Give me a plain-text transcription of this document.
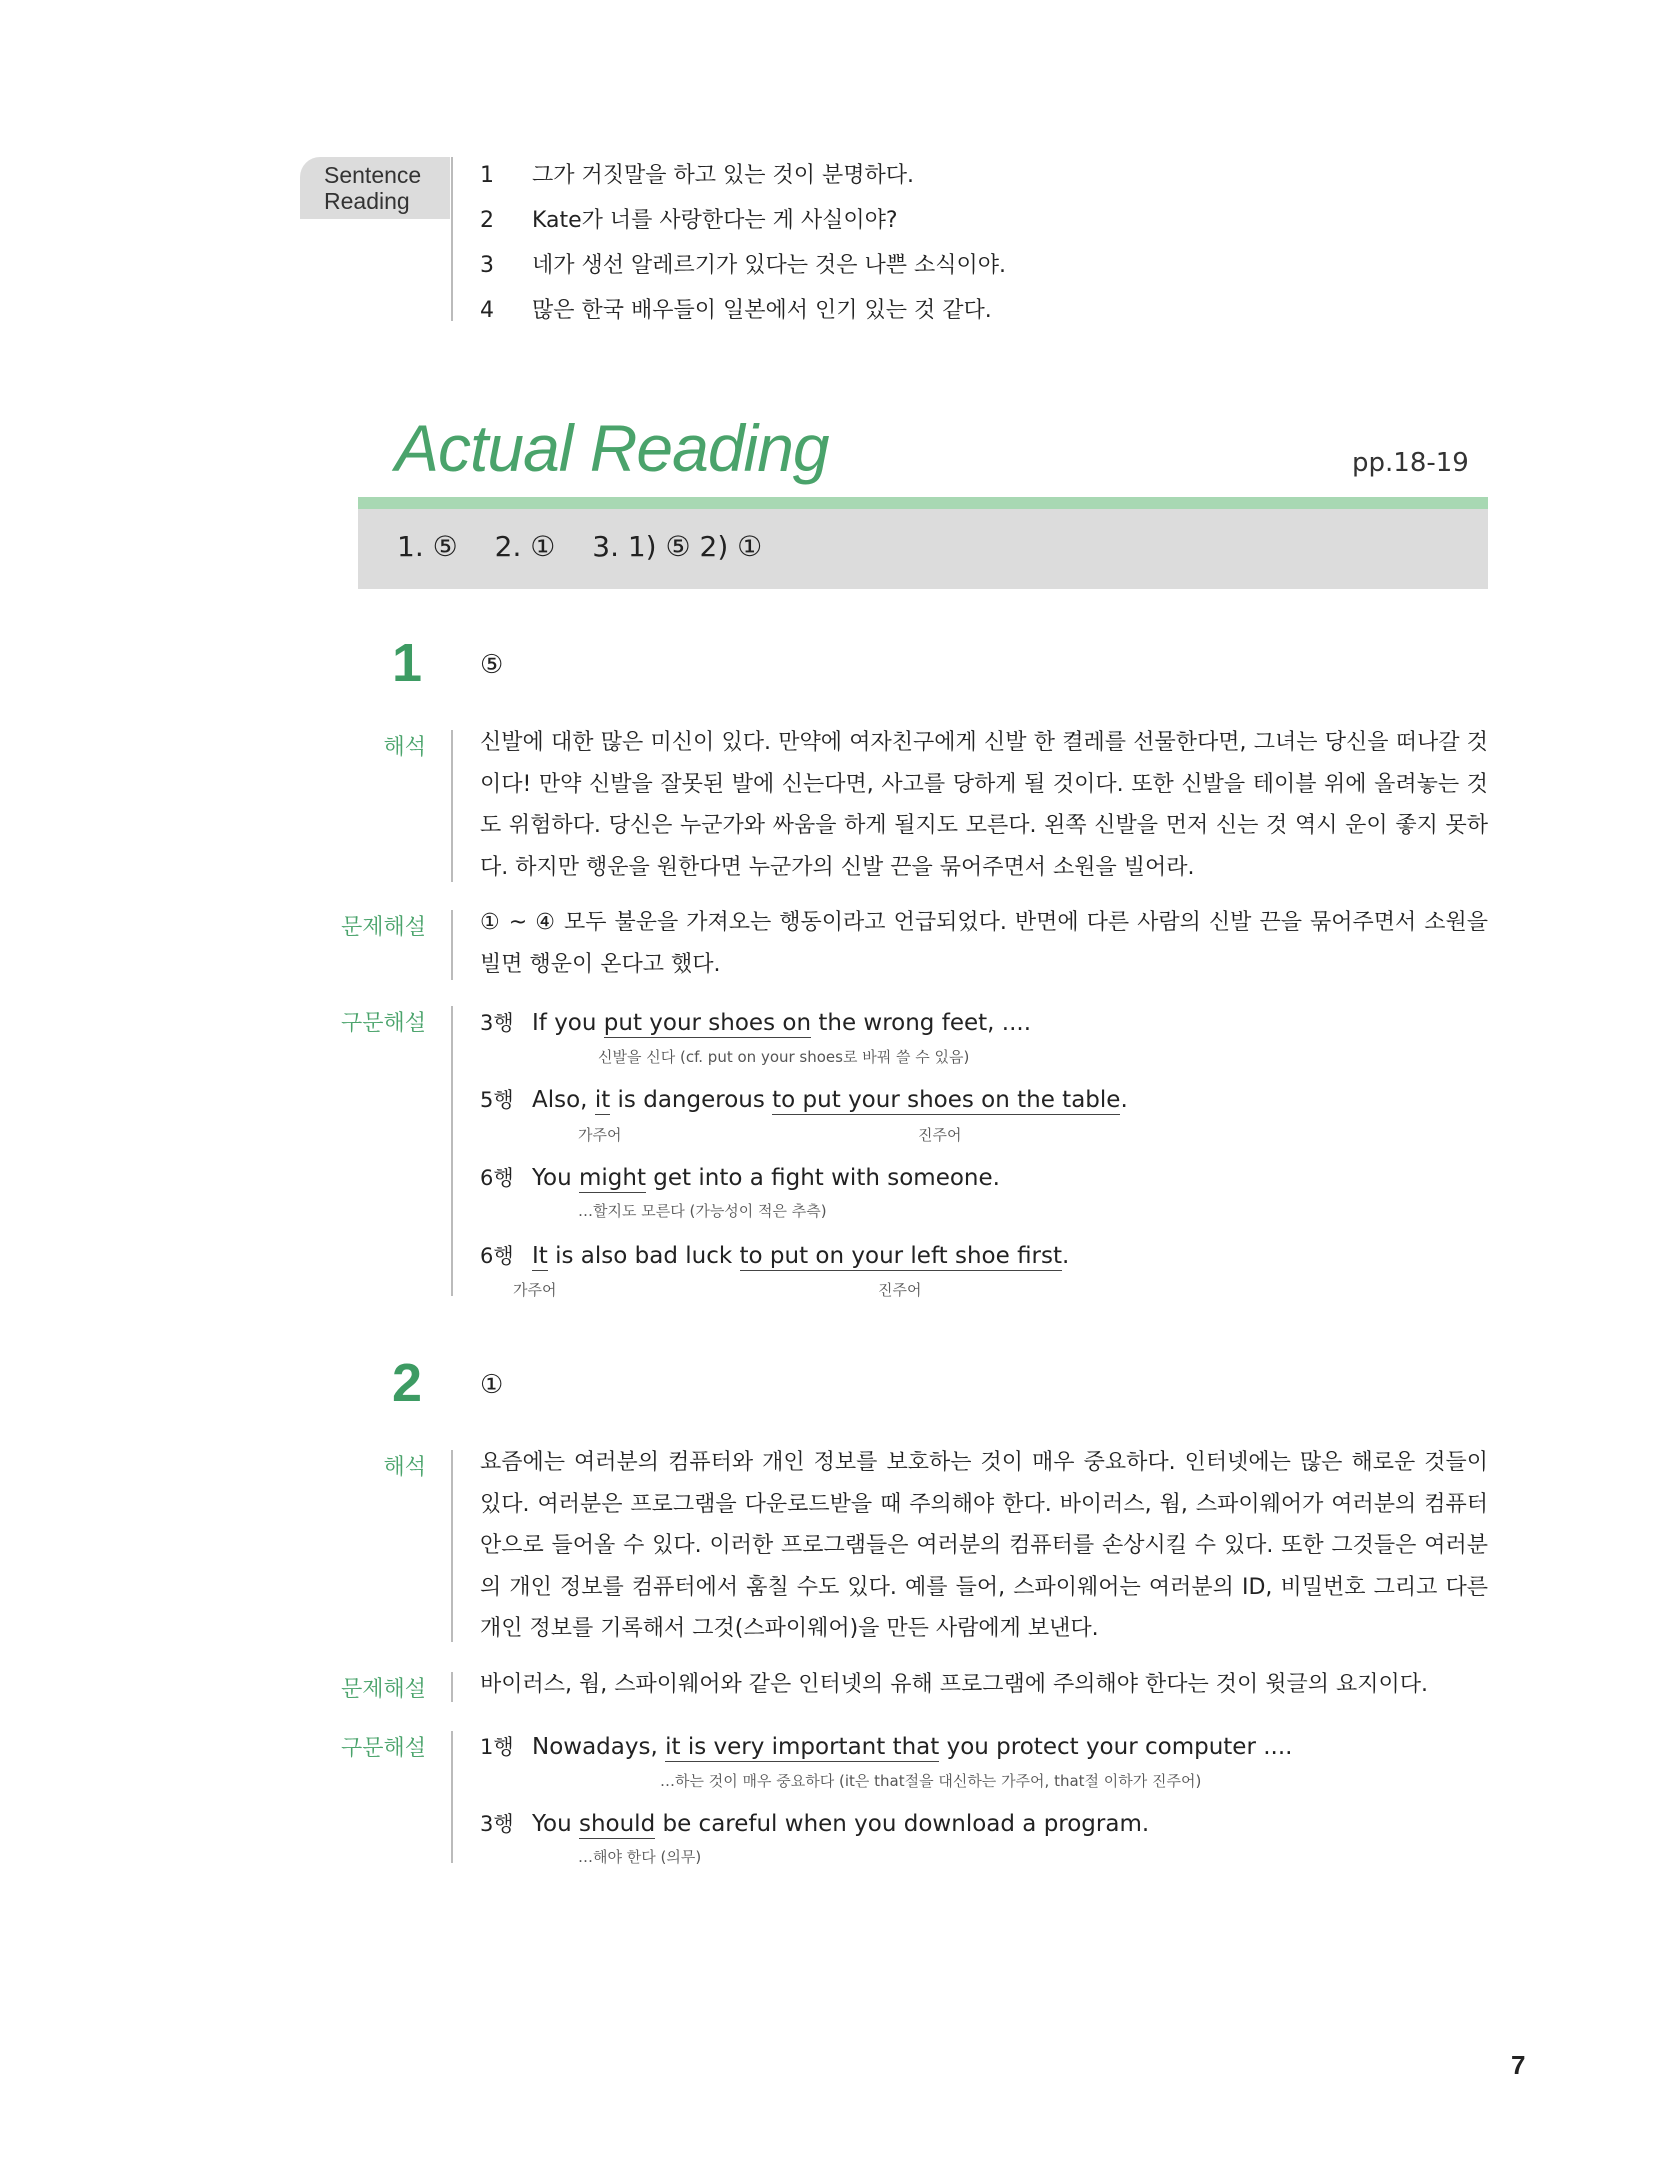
Sentence
Reading
1 그가 거짓말을 하고 있는 것이 분명하다.
2 Kate가 너를 사랑한다는 게 사실이야?
3 네가 생선 알레르기가 있다는 것은 나쁜 소식이야.
4 많은 한국 배우들이 일본에서 인기 있는 것 같다.
Actual Reading	pp.18-19
1. ⑤ 2. ① 3. 1) ⑤ 2) ①
1 ⑤
해석 신발에 대한 많은 미신이 있다. 만약에 여자친구에게 신발 한 켤레를 선물한다면, 그녀는 당신을 떠나갈 것이다! 만약 신발을 잘못된 발에 신는다면, 사고를 당하게 될 것이다. 또한 신발을 테이블 위에 올려놓는 것도 위험하다. 당신은 누군가와 싸움을 하게 될지도 모른다. 왼쪽 신발을 먼저 신는 것 역시 운이 좋지 못하다. 하지만 행운을 원한다면 누군가의 신발 끈을 묶어주면서 소원을 빌어라.
문제해설 ① ~ ④ 모두 불운을 가져오는 행동이라고 언급되었다. 반면에 다른 사람의 신발 끈을 묶어주면서 소원을 빌면 행운이 온다고 했다.
구문해설	3행 If you put your shoes on the wrong feet, ....
신발을 신다 (cf. put on your shoes로 바꿔 쓸 수 있음)
5행 Also, it is dangerous to put your shoes on the table.
가주어	진주어
6행 You might get into a fight with someone.
…할지도 모른다 (가능성이 적은 추측)
6행 It is also bad luck to put on your left shoe first.
가주어	진주어
2 ①
해석 요즘에는 여러분의 컴퓨터와 개인 정보를 보호하는 것이 매우 중요하다. 인터넷에는 많은 해로운 것들이 있다. 여러분은 프로그램을 다운로드받을 때 주의해야 한다. 바이러스, 웜, 스파이웨어가 여러분의 컴퓨터 안으로 들어올 수 있다. 이러한 프로그램들은 여러분의 컴퓨터를 손상시킬 수 있다. 또한 그것들은 여러분의 개인 정보를 컴퓨터에서 훔칠 수도 있다. 예를 들어, 스파이웨어는 여러분의 ID, 비밀번호 그리고 다른 개인 정보를 기록해서 그것(스파이웨어)을 만든 사람에게 보낸다.
문제해설 바이러스, 웜, 스파이웨어와 같은 인터넷의 유해 프로그램에 주의해야 한다는 것이 윗글의 요지이다.
구문해설	1행 Nowadays, it is very important that you protect your computer ....
…하는 것이 매우 중요하다 (it은 that절을 대신하는 가주어, that절 이하가 진주어)
3행 You should be careful when you download a program.
…해야 한다 (의무)
7
